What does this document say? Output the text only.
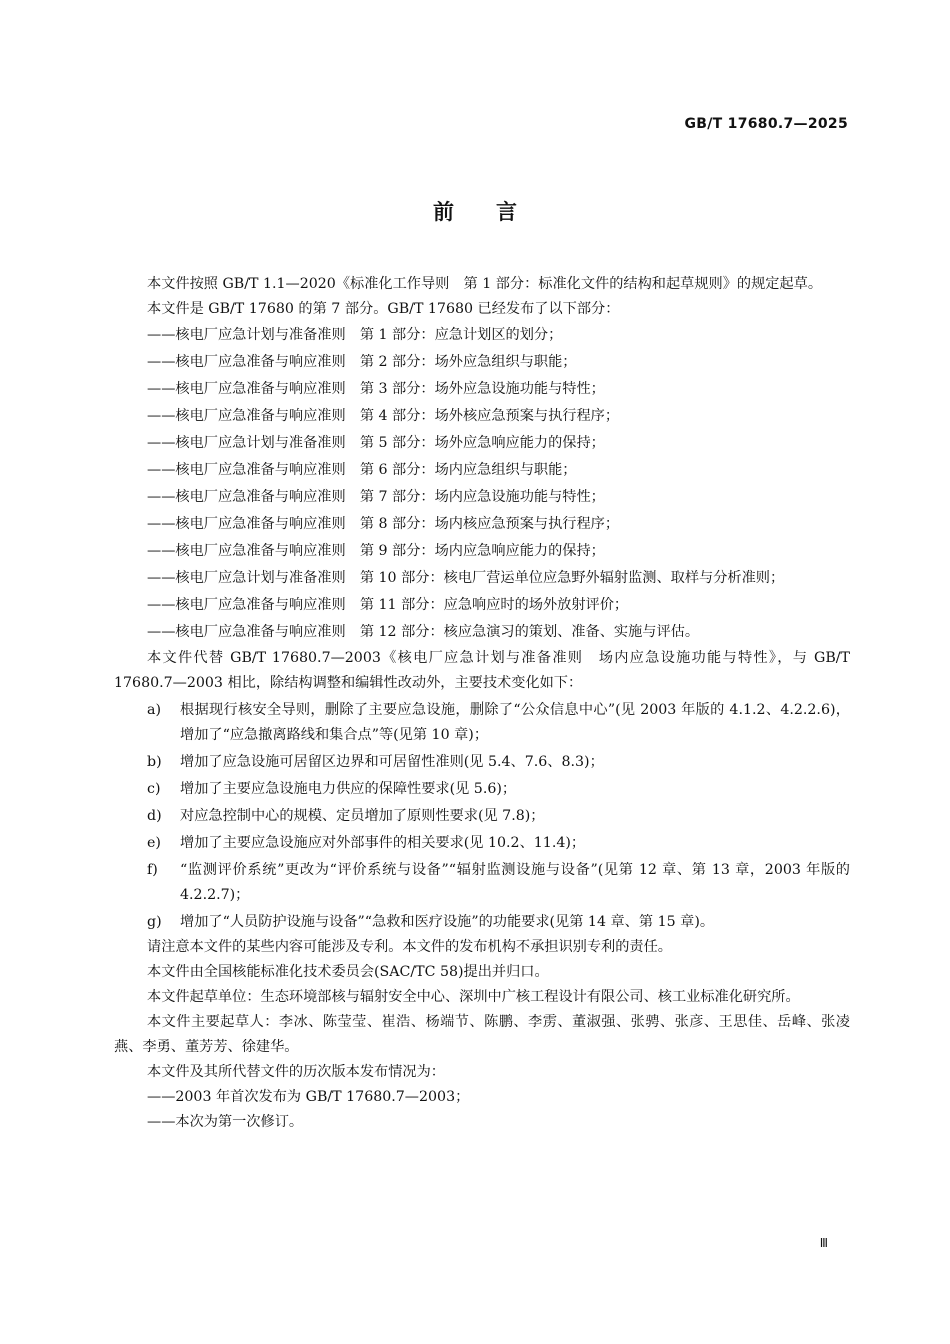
GB/T 17680.7—2025
前言

本文件按照 GB/T 1.1—2020《标准化工作导则　第 1 部分：标准化文件的结构和起草规则》的规定起草。

本文件是 GB/T 17680 的第 7 部分。GB/T 17680 已经发布了以下部分：

——核电厂应急计划与准备准则　第 1 部分：应急计划区的划分；

——核电厂应急准备与响应准则　第 2 部分：场外应急组织与职能；

——核电厂应急准备与响应准则　第 3 部分：场外应急设施功能与特性；

——核电厂应急准备与响应准则　第 4 部分：场外核应急预案与执行程序；

——核电厂应急计划与准备准则　第 5 部分：场外应急响应能力的保持；

——核电厂应急准备与响应准则　第 6 部分：场内应急组织与职能；

——核电厂应急准备与响应准则　第 7 部分：场内应急设施功能与特性；

——核电厂应急准备与响应准则　第 8 部分：场内核应急预案与执行程序；

——核电厂应急准备与响应准则　第 9 部分：场内应急响应能力的保持；

——核电厂应急计划与准备准则　第 10 部分：核电厂营运单位应急野外辐射监测、取样与分析准则；

——核电厂应急准备与响应准则　第 11 部分：应急响应时的场外放射评价；

——核电厂应急准备与响应准则　第 12 部分：核应急演习的策划、准备、实施与评估。

本文件代替 GB/T 17680.7—2003《核电厂应急计划与准备准则　场内应急设施功能与特性》，与 GB/T 17680.7—2003 相比，除结构调整和编辑性改动外，主要技术变化如下：

a) 根据现行核安全导则，删除了主要应急设施，删除了“公众信息中心”(见 2003 年版的 4.1.2、4.2.2.6)，增加了“应急撤离路线和集合点”等(见第 10 章)；
b) 增加了应急设施可居留区边界和可居留性准则(见 5.4、7.6、8.3)；
c) 增加了主要应急设施电力供应的保障性要求(见 5.6)；
d) 对应急控制中心的规模、定员增加了原则性要求(见 7.8)；
e) 增加了主要应急设施应对外部事件的相关要求(见 10.2、11.4)；
f) “监测评价系统”更改为“评价系统与设备”“辐射监测设施与设备”(见第 12 章、第 13 章，2003 年版的 4.2.2.7)；
g) 增加了“人员防护设施与设备”“急救和医疗设施”的功能要求(见第 14 章、第 15 章)。

请注意本文件的某些内容可能涉及专利。本文件的发布机构不承担识别专利的责任。

本文件由全国核能标准化技术委员会(SAC/TC 58)提出并归口。

本文件起草单位：生态环境部核与辐射安全中心、深圳中广核工程设计有限公司、核工业标准化研究所。

本文件主要起草人：李冰、陈莹莹、崔浩、杨端节、陈鹏、李雳、董淑强、张骋、张彦、王思佳、岳峰、张凌燕、李勇、董芳芳、徐建华。

本文件及其所代替文件的历次版本发布情况为：

——2003 年首次发布为 GB/T 17680.7—2003；

——本次为第一次修订。

Ⅲ
